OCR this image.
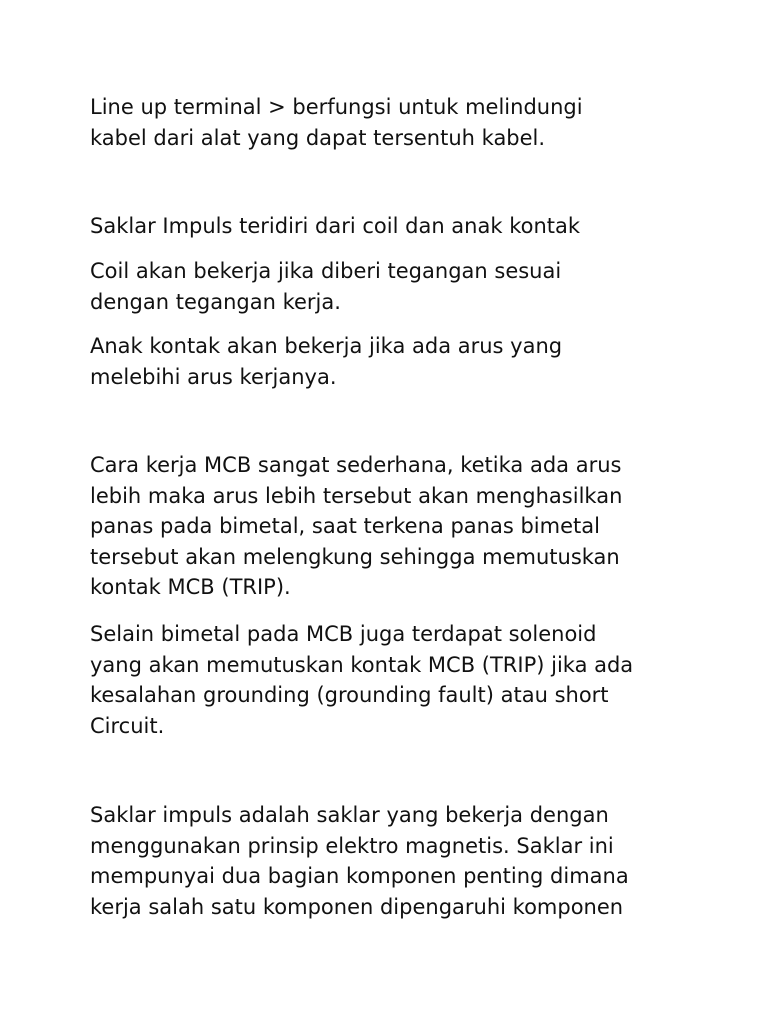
Line up terminal > berfungsi untuk melindungi
kabel dari alat yang dapat tersentuh kabel.

Saklar Impuls teridiri dari coil dan anak kontak

Coil akan bekerja jika diberi tegangan sesuai
dengan tegangan kerja.

Anak kontak akan bekerja jika ada arus yang
melebihi arus kerjanya.

Cara kerja MCB sangat sederhana, ketika ada arus
lebih maka arus lebih tersebut akan menghasilkan
panas pada bimetal, saat terkena panas bimetal
tersebut akan melengkung sehingga memutuskan
kontak MCB (TRIP).

Selain bimetal pada MCB juga terdapat solenoid
yang akan memutuskan kontak MCB (TRIP) jika ada
kesalahan grounding (grounding fault) atau short
Circuit.

Saklar impuls adalah saklar yang bekerja dengan
menggunakan prinsip elektro magnetis. Saklar ini
mempunyai dua bagian komponen penting dimana
kerja salah satu komponen dipengaruhi komponen
